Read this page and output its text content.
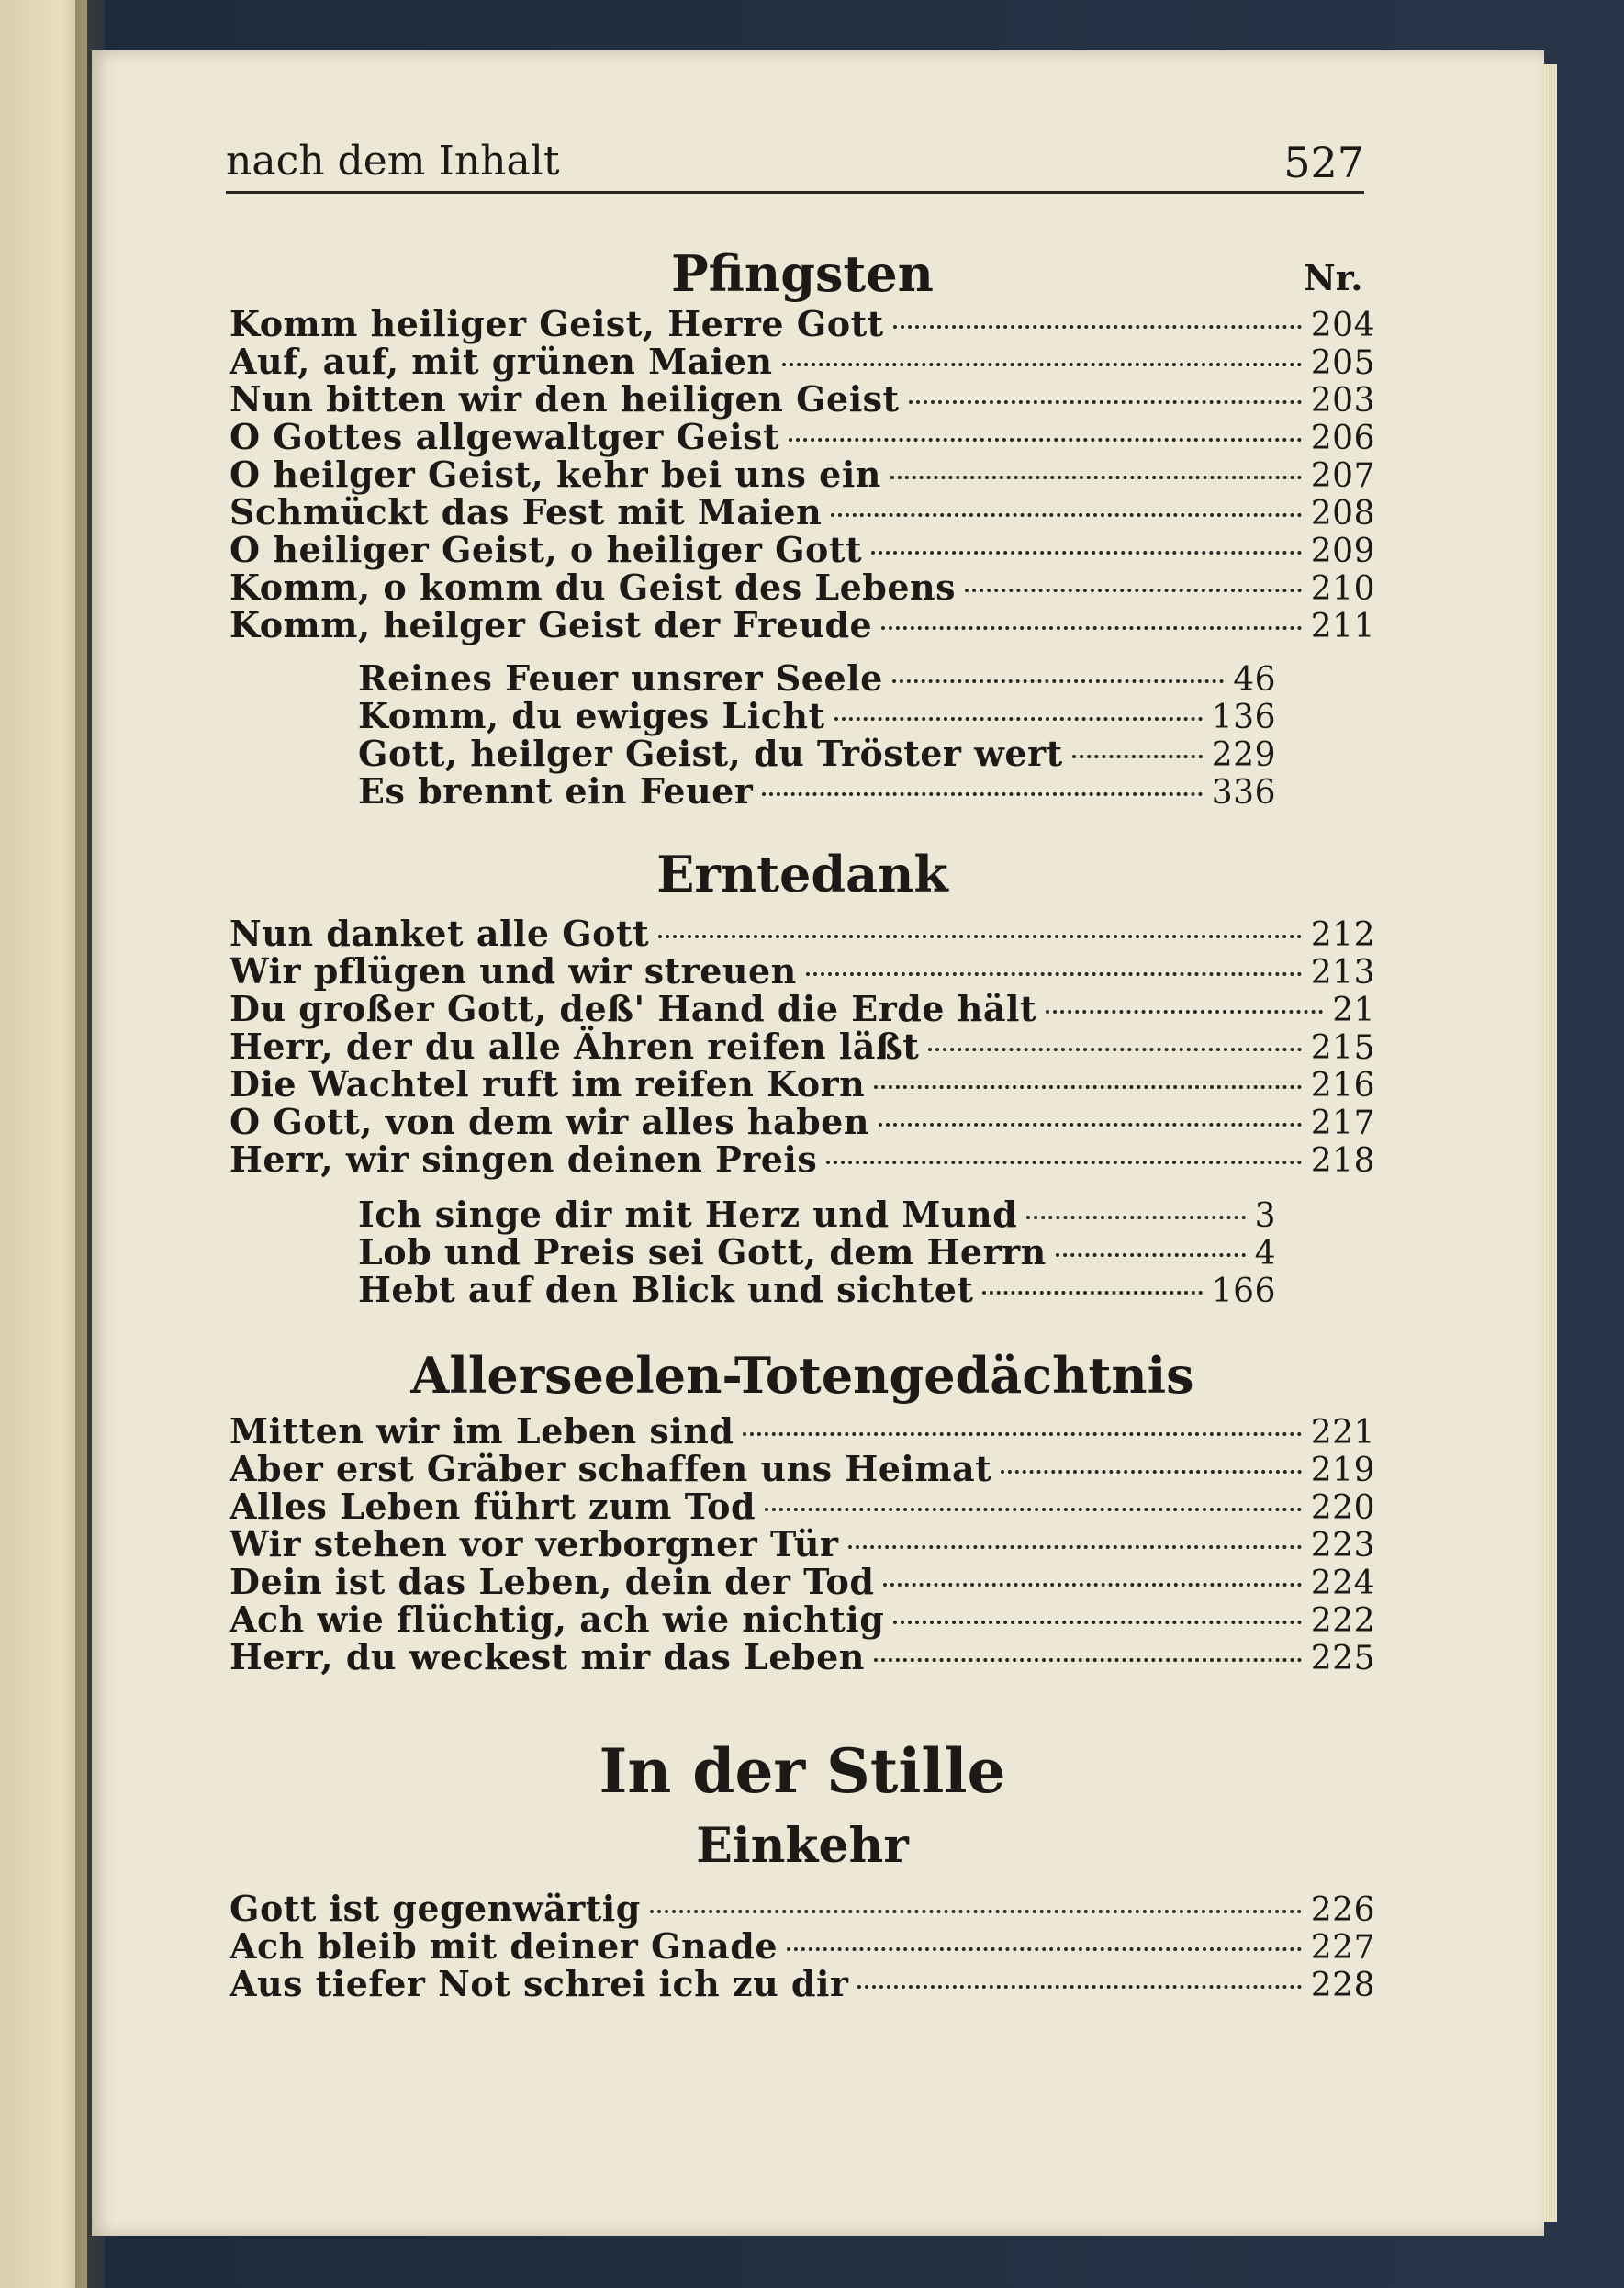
nach dem Inhalt	527
Pfingsten	Nr.
Komm heiliger Geist, Herre Gott	204
Auf, auf, mit grünen Maien	205
Nun bitten wir den heiligen Geist	203
O Gottes allgewaltger Geist	206
O heilger Geist, kehr bei uns ein	207
Schmückt das Fest mit Maien	208
O heiliger Geist, o heiliger Gott	209
Komm, o komm du Geist des Lebens	210
Komm, heilger Geist der Freude	211
Reines Feuer unsrer Seele	46
Komm, du ewiges Licht	136
Gott, heilger Geist, du Tröster wert	229
Es brennt ein Feuer	336
Erntedank
Nun danket alle Gott	212
Wir pflügen und wir streuen	213
Du großer Gott, deß' Hand die Erde hält	21
Herr, der du alle Ähren reifen läßt	215
Die Wachtel ruft im reifen Korn	216
O Gott, von dem wir alles haben	217
Herr, wir singen deinen Preis	218
Ich singe dir mit Herz und Mund	3
Lob und Preis sei Gott, dem Herrn	4
Hebt auf den Blick und sichtet	166
Allerseelen-Totengedächtnis
Mitten wir im Leben sind	221
Aber erst Gräber schaffen uns Heimat	219
Alles Leben führt zum Tod	220
Wir stehen vor verborgner Tür	223
Dein ist das Leben, dein der Tod	224
Ach wie flüchtig, ach wie nichtig	222
Herr, du weckest mir das Leben	225
In der Stille
Einkehr
Gott ist gegenwärtig	226
Ach bleib mit deiner Gnade	227
Aus tiefer Not schrei ich zu dir	228
